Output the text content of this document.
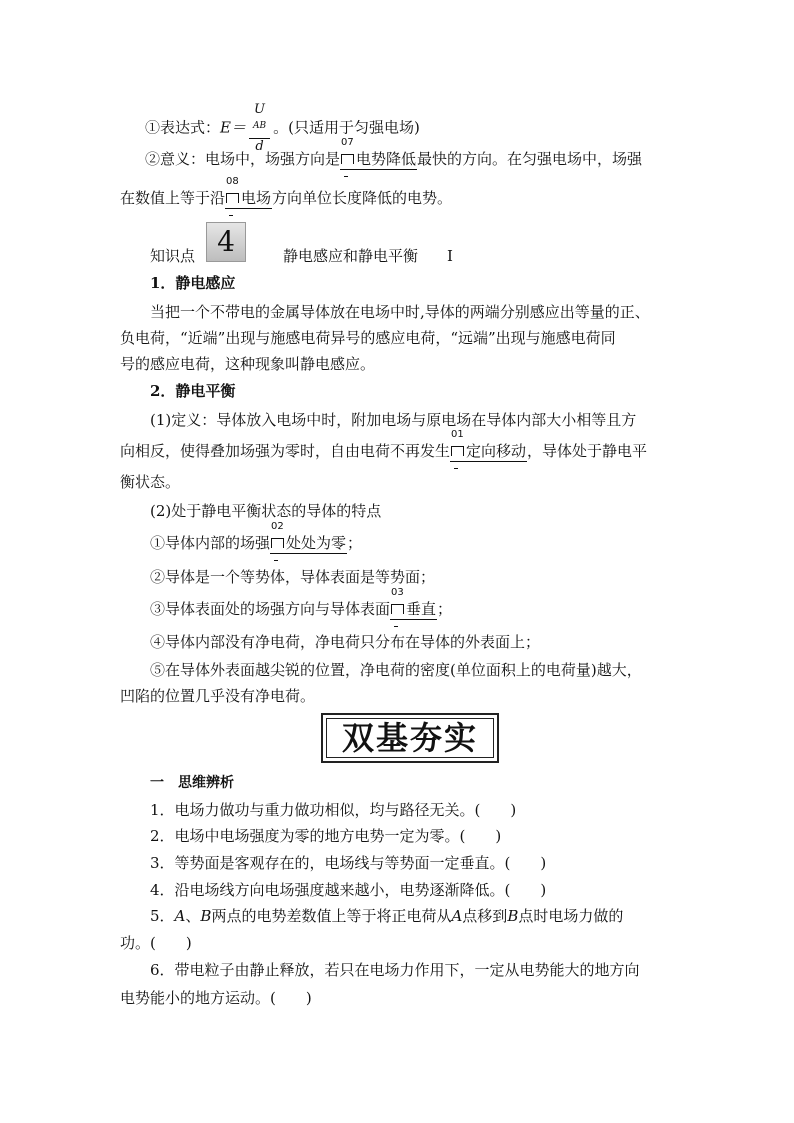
①表达式：E＝ U
$^{AB}$
d 。(只适用于匀强电场)
②意义：电场中，场强方向是
07
电势降低
最快的方向。在匀强电场中，场强
在数值上等于沿
08
电场
方向单位长度降低的电势。
知识点 4	静电感应和静电平衡 Ⅰ
1．静电感应
当把一个不带电的金属导体放在电场中时,导体的两端分别感应出等量的正、
负电荷，“近端”出现与施感电荷异号的感应电荷，“远端”出现与施感电荷同
号的感应电荷，这种现象叫静电感应。
2．静电平衡
(1)定义：导体放入电场中时，附加电场与原电场在导体内部大小相等且方
向相反，使得叠加场强为零时，自由电荷不再发生
01
定向移动
，导体处于静电平
衡状态。
(2)处于静电平衡状态的导体的特点
①导体内部的场强
02
处处为零
；
②导体是一个等势体，导体表面是等势面；
③导体表面处的场强方向与导体表面
03
垂直
；
④导体内部没有净电荷，净电荷只分布在导体的外表面上；
⑤在导体外表面越尖锐的位置，净电荷的密度(单位面积上的电荷量)越大，
凹陷的位置几乎没有净电荷。
双基夯实
一　思维辨析
1．电场力做功与重力做功相似，均与路径无关。(　　)
2．电场中电场强度为零的地方电势一定为零。(　　)
3．等势面是客观存在的，电场线与等势面一定垂直。(　　)
4．沿电场线方向电场强度越来越小，电势逐渐降低。(　　)
5．A、B两点的电势差数值上等于将正电荷从A点移到B点时电场力做的
功。(　　)
6．带电粒子由静止释放，若只在电场力作用下，一定从电势能大的地方向
电势能小的地方运动。(　　)
